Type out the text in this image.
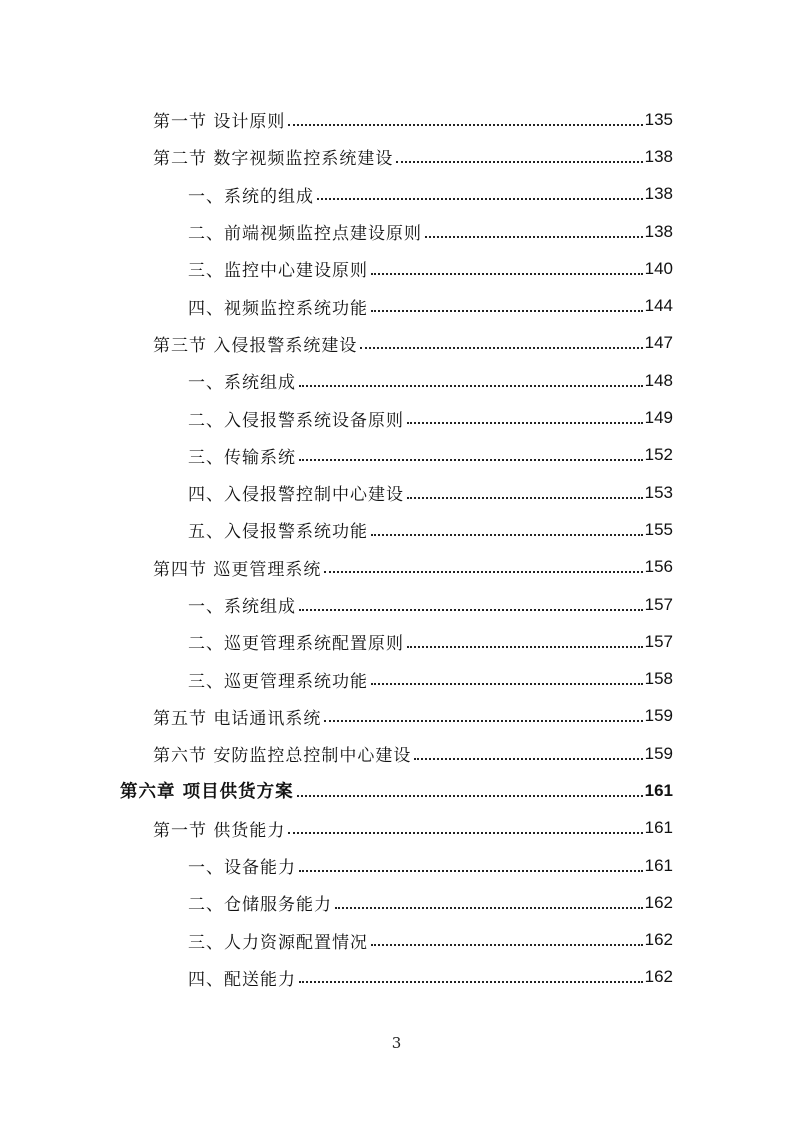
第一节 设计原则	135
第二节 数字视频监控系统建设	138
一、系统的组成	138
二、前端视频监控点建设原则	138
三、监控中心建设原则	140
四、视频监控系统功能	144
第三节 入侵报警系统建设	147
一、系统组成	148
二、入侵报警系统设备原则	149
三、传输系统	152
四、入侵报警控制中心建设	153
五、入侵报警系统功能	155
第四节 巡更管理系统	156
一、系统组成	157
二、巡更管理系统配置原则	157
三、巡更管理系统功能	158
第五节 电话通讯系统	159
第六节 安防监控总控制中心建设	159
第六章 项目供货方案	161
第一节 供货能力	161
一、设备能力	161
二、仓储服务能力	162
三、人力资源配置情况	162
四、配送能力	162
3
